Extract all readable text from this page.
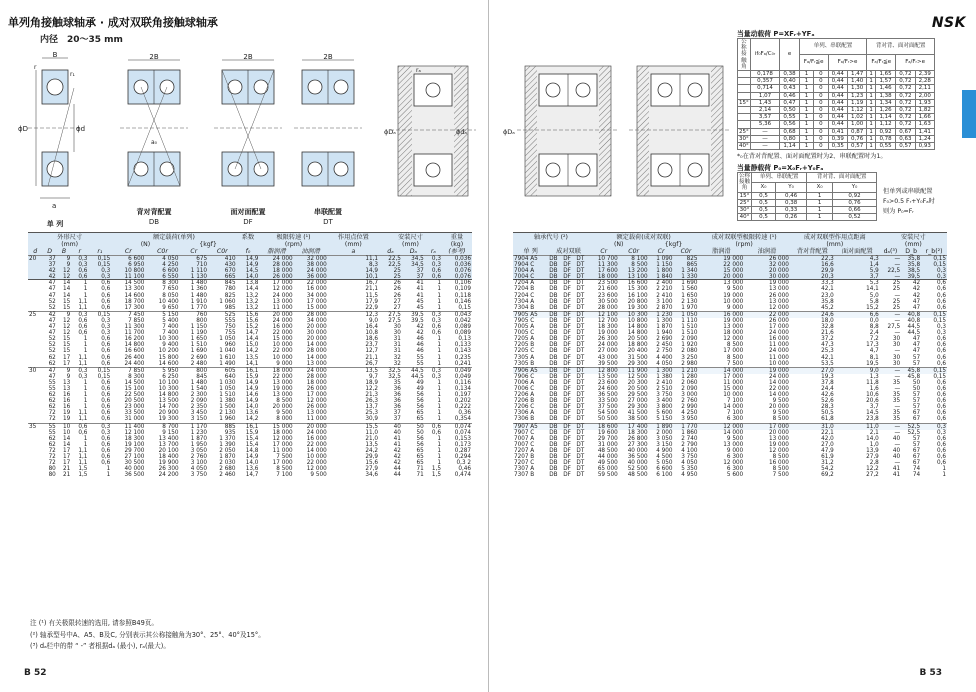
单列角接触球轴承 · 成对双联角接触球轴承
内径　20～35 mm
B
ϕD	ϕd
r
r₁
a
单 列
2B
a₀
背对背配置
DB
2B
面对面配置
DF
2B
串联配置
DT
ϕDₐ	ϕdₐ
rₐ
外形尺寸					额定载荷(单列)				系数	极限转速 (¹)		作用点位置	安装尺寸			重量
(mm)					(N)		{kgf}			(rpm)		(mm)	(mm)			(kg)
d	D	B	r	r₁	Cr	C0r	Cr	C0r	f₀	脂润滑	油润滑	a	dₐ	Dₐ	rₐ	(参考)
20	37	9	0,3	0,15	6 600	4 050	675	410	14,9	24 000	32 000	11,1	22,5	34,5	0,3	0,036
	37	9	0,3	0,15	6 950	4 250	710	430	14,9	28 000	38 000	8,3	22,5	34,5	0,3	0,036
	42	12	0,6	0,3	10 800	6 600	1 110	670	14,5	18 000	24 000	14,9	25	37	0,6	0,076
	42	12	0,6	0,3	11 100	6 550	1 130	665	14,0	26 000	36 000	10,1	25	37	0,6	0,076
	47	14	1	0,6	14 500	8 300	1 480	845	13,8	17 000	22 000	16,7	26	41	1	0,106
	47	14	1	0,6	13 300	7 650	1 360	780	14,4	12 000	16 000	21,1	26	41	1	0,109
	47	14	1	0,6	14 600	8 050	1 480	825	13,2	24 000	34 000	11,5	26	41	1	0,118
	52	15	1,1	0,6	18 700	10 400	1 910	1 060	13,2	13 000	17 000	17,9	27	45	1	0,146
	52	15	1,1	0,6	17 300	9 650	1 770	985	13,2	11 000	15 000	22,9	27	45	1	0,15
25	42	9	0,3	0,15	7 450	5 150	760	525	15,6	20 000	28 000	12,3	27,5	39,5	0,3	0,043
	47	12	0,6	0,3	7 850	5 400	800	555	15,6	24 000	34 000	9,0	27,5	39,5	0,3	0,042
	47	12	0,6	0,3	11 300	7 400	1 150	750	15,2	16 000	20 000	16,4	30	42	0,6	0,089
	47	12	0,6	0,3	11 700	7 400	1 190	755	14,7	22 000	30 000	10,8	30	42	0,6	0,089
	52	15	1	0,6	16 200	10 300	1 650	1 050	14,4	15 000	20 000	18,6	31	46	1	0,13
	52	15	1	0,6	14 800	9 400	1 510	960	15,0	10 000	14 000	23,7	31	46	1	0,133
	52	15	1	0,6	16 600	10 200	1 690	1 040	14,2	22 000	28 000	12,7	31	46	1	0,143
	62	17	1,1	0,6	26 400	15 800	2 690	1 610	13,5	10 000	14 000	21,1	32	55	1	0,235
	62	17	1,1	0,6	24 400	14 600	2 480	1 490	14,1	9 000	13 000	26,7	32	55	1	0,241
30	47	9	0,3	0,15	7 850	5 950	800	605	16,1	18 000	24 000	13,5	32,5	44,5	0,3	0,049
	47	9	0,3	0,15	8 300	6 250	845	640	15,9	22 000	28 000	9,7	32,5	44,5	0,3	0,049
	55	13	1	0,6	14 500	10 100	1 480	1 030	14,9	13 000	18 000	18,9	35	49	1	0,116
	55	13	1	0,6	15 100	10 300	1 540	1 050	14,9	19 000	26 000	12,2	36	49	1	0,134
	62	16	1	0,6	22 500	14 800	2 300	1 510	14,6	13 000	17 000	21,3	36	56	1	0,197
	62	16	1	0,6	20 500	13 500	2 090	1 380	14,9	8 500	12 000	26,3	36	56	1	0,202
	62	16	1	0,6	23 000	14 700	2 350	1 500	14,0	20 000	26 000	13,7	36	56	1	0,222
	72	19	1,1	0,6	33 500	20 900	3 450	2 130	13,6	9 500	13 000	25,3	37	65	1	0,36
	72	19	1,1	0,6	31 000	19 300	3 150	1 960	14,2	8 000	11 000	30,9	37	65	1	0,354
35	55	10	0,6	0,3	11 400	8 700	1 170	885	16,1	15 000	20 000	15,5	40	50	0,6	0,074
	55	10	0,6	0,3	12 100	9 150	1 230	935	15,9	18 000	24 000	11,0	40	50	0,6	0,074
	62	14	1	0,6	18 300	13 400	1 870	1 370	15,4	12 000	16 000	21,0	41	56	1	0,153
	62	14	1	0,6	19 100	13 700	1 950	1 390	15,4	17 000	22 000	13,5	41	56	1	0,173
	72	17	1,1	0,6	29 700	20 100	3 050	2 050	14,8	11 000	14 000	24,2	42	65	1	0,287
	72	17	1,1	0,6	27 100	18 400	2 760	1 870	14,9	7 500	10 000	29,9	42	65	1	0,294
	72	17	1,1	0,6	30 500	19 900	3 100	2 030	14,0	17 000	22 000	15,6	42	65	1	0,3 2
	80	21	1,5	1	40 000	26 300	4 050	2 680	13,6	8 500	12 000	27,9	44	71	1,5	0,46
	80	21	1,5	1	36 500	24 200	3 750	2 460	14,7	7 100	9 500	34,6	44	71	1,5	0,474
注 (¹) 有关极限转速的选用, 请参照B49页。
(²) 轴承型号中A、A5、B及C, 分别表示其公称接触角为30°、25°、40°及15°。
(³) dₐ栏中的带 “ -” 者根据dₐ (最小), rₐ(最大)。
B 52
ϕDₐ
NSK
当量动载荷 P=XFᵣ+YFₐ
公称接触角	if₀Fₐ/C₀ᵣ	e	单列、串联配置				背对背、面对面配置			
			Fₐ/Fᵣ≦e		Fₐ/Fᵣ>e		Fₐ/Fᵣ≦e		Fₐ/Fᵣ>e	
	0,178	0,38	1	0	0,44	1,47	1	1,65	0,72	2,39
	0,357	0,40	1	0	0,44	1,40	1	1,57	0,72	2,28
	0,714	0,43	1	0	0,44	1,30	1	1,46	0,72	2,11
	1,07	0,46	1	0	0,44	1,23	1	1,38	0,72	2,00
15°	1,43	0,47	1	0	0,44	1,19	1	1,34	0,72	1,93
	2,14	0,50	1	0	0,44	1,12	1	1,26	0,72	1,82
	3,57	0,55	1	0	0,44	1,02	1	1,14	0,72	1,66
	5,36	0,56	1	0	0,44	1,00	1	1,12	0,72	1,63
25°	—	0,68	1	0	0,41	0,87	1	0,92	0,67	1,41
30°	—	0,80	1	0	0,39	0,76	1	0,78	0,63	1,24
40°	—	1,14	1	0	0,35	0,57	1	0,55	0,57	0,93
*₀在背对背配置、面对面配置时为2、串联配置时为1。
当量静载荷 P₀=X₀Fᵣ+Y₀Fₐ
公称接触角	单列、串联配置		背对背、面对面配置	
	X₀	Y₀	X₀	Y₀
15°	0,5	0,46	1	0,92
25°	0,5	0,38	1	0,76
30°	0,5	0,33	1	0,66
40°	0,5	0,26	1	0,52
但单列或串联配置
F₀>0.5 Fᵣ+Y₀Fₐ时
则为 P₀=Fᵣ
轴承代号 (²)				额定载荷(成对双联)				成对双联型极限转速 (¹)		成对双联型作用点距离		安装尺寸		
				(N)		{kgf}		(rpm)		(mm)		(mm)		
单 列	成对双联			Cr	C0r	Cr	C0r	脂润滑	油润滑	背对背配置	面对面配置	dₐ(³)	D_b	r_b(²)
7904 A5	DB	DF	DT	10 700	8 100	1 090	825	19 000	26 000	22,3	4,3	—	35,8	0,15
7904 C	DB	DF	DT	11 300	8 500	1 150	865	22 000	32 000	16,6	1,4	—	35,8	0,15
7004 A	DB	DF	DT	17 600	13 200	1 800	1 340	15 000	20 000	29,9	5,9	22,5	38,5	0,3
7004 C	DB	DF	DT	18 000	13 100	1 840	1 330	20 000	30 000	20,3	3,7	—	39,5	0,3
7204 A	DB	DF	DT	23 500	16 600	2 400	1 690	13 000	19 000	33,3	5,3	25	42	0,6
7204 B	DB	DF	DT	21 600	15 300	2 210	1 560	9 500	13 000	42,1	14,1	25	42	0,6
7204 C	DB	DF	DT	23 600	16 100	2 410	1 650	19 000	26 000	23,0	5,0	—	42	0,6
7304 A	DB	DF	DT	30 500	20 800	3 100	2 130	10 000	13 000	35,8	5,8	25	47	0,6
7304 B	DB	DF	DT	28 000	19 300	2 870	1 970	9 000	12 000	45,2	15,2	25	47	0,6
7905 A5	DB	DF	DT	12 100	10 300	1 230	1 050	16 000	22 000	24,6	6,6	—	40,8	0,15
7905 C	DB	DF	DT	12 700	10 800	1 300	1 110	19 000	26 000	18,0	0,0	—	40,8	0,15
7005 A	DB	DF	DT	18 300	14 800	1 870	1 510	13 000	17 000	32,8	8,8	27,5	44,5	0,3
7005 C	DB	DF	DT	19 000	14 800	1 940	1 510	18 000	24 000	21,6	2,4	—	44,5	0,3
7205 A	DB	DF	DT	26 300	20 500	2 690	2 090	12 000	16 000	37,2	7,2	30	47	0,6
7205 B	DB	DF	DT	24 000	18 800	2 450	1 920	8 500	11 000	47,3	17,3	30	47	0,6
7205 C	DB	DF	DT	27 000	20 400	2 750	2 080	17 000	24 000	25,3	4,7	—	47	0,6
7305 A	DB	DF	DT	43 000	31 500	4 400	3 250	8 500	11 000	42,1	8,1	30	57	0,6
7305 B	DB	DF	DT	39 500	29 300	4 050	2 980	7 500	10 000	53,5	19,5	30	57	0,6
7906 A5	DB	DF	DT	12 800	11 900	1 300	1 210	14 000	19 000	27,0	9,0	—	45,8	0,15
7906 C	DB	DF	DT	13 500	12 500	1 380	1 280	17 000	24 000	19,3	1,3	—	45,8	0,15
7006 A	DB	DF	DT	23 600	20 300	2 410	2 060	11 000	14 000	37,8	11,8	35	50	0,6
7006 C	DB	DF	DT	24 600	20 500	2 510	2 090	15 000	22 000	24,4	1,6	—	50	0,6
7206 A	DB	DF	DT	36 500	29 500	3 750	3 000	10 000	14 000	42,6	10,6	35	57	0,6
7206 B	DB	DF	DT	33 500	27 000	3 400	2 760	7 100	9 500	52,6	20,6	35	57	0,6
7206 C	DB	DF	DT	37 500	29 300	3 800	2 990	14 000	20 000	28,3	3,7	—	57	0,6
7306 A	DB	DF	DT	54 500	41 500	5 600	4 250	7 100	9 500	50,5	14,5	35	67	0,6
7306 B	DB	DF	DT	50 500	38 500	5 150	3 950	6 300	8 500	61,8	23,8	35	67	0,6
7907 A5	DB	DF	DT	18 600	17 400	1 890	1 770	12 000	17 000	31,0	11,0	—	52,5	0,3
7907 C	DB	DF	DT	19 600	18 300	2 000	1 860	14 000	20 000	22,1	2,1	—	52,5	0,3
7007 A	DB	DF	DT	29 700	26 800	3 050	2 740	9 500	13 000	42,0	14,0	40	57	0,6
7007 C	DB	DF	DT	31 000	27 300	3 150	2 790	13 000	19 000	27,0	1,0	—	57	0,6
7207 A	DB	DF	DT	48 500	40 000	4 900	4 100	9 000	12 000	47,9	13,9	40	67	0,6
7207 B	DB	DF	DT	44 000	36 500	4 500	3 750	6 300	8 500	61,9	27,9	40	67	0,6
7207 C	DB	DF	DT	49 500	40 000	5 050	4 050	12 000	16 000	31,2	2,8	—	67	0,6
7307 A	DB	DF	DT	65 000	52 500	6 600	5 350	6 300	8 500	54,2	12,2	41	74	1
7307 B	DB	DF	DT	59 500	48 500	6 100	4 950	5 600	7 500	69,2	27,2	41	74	1
B 53
